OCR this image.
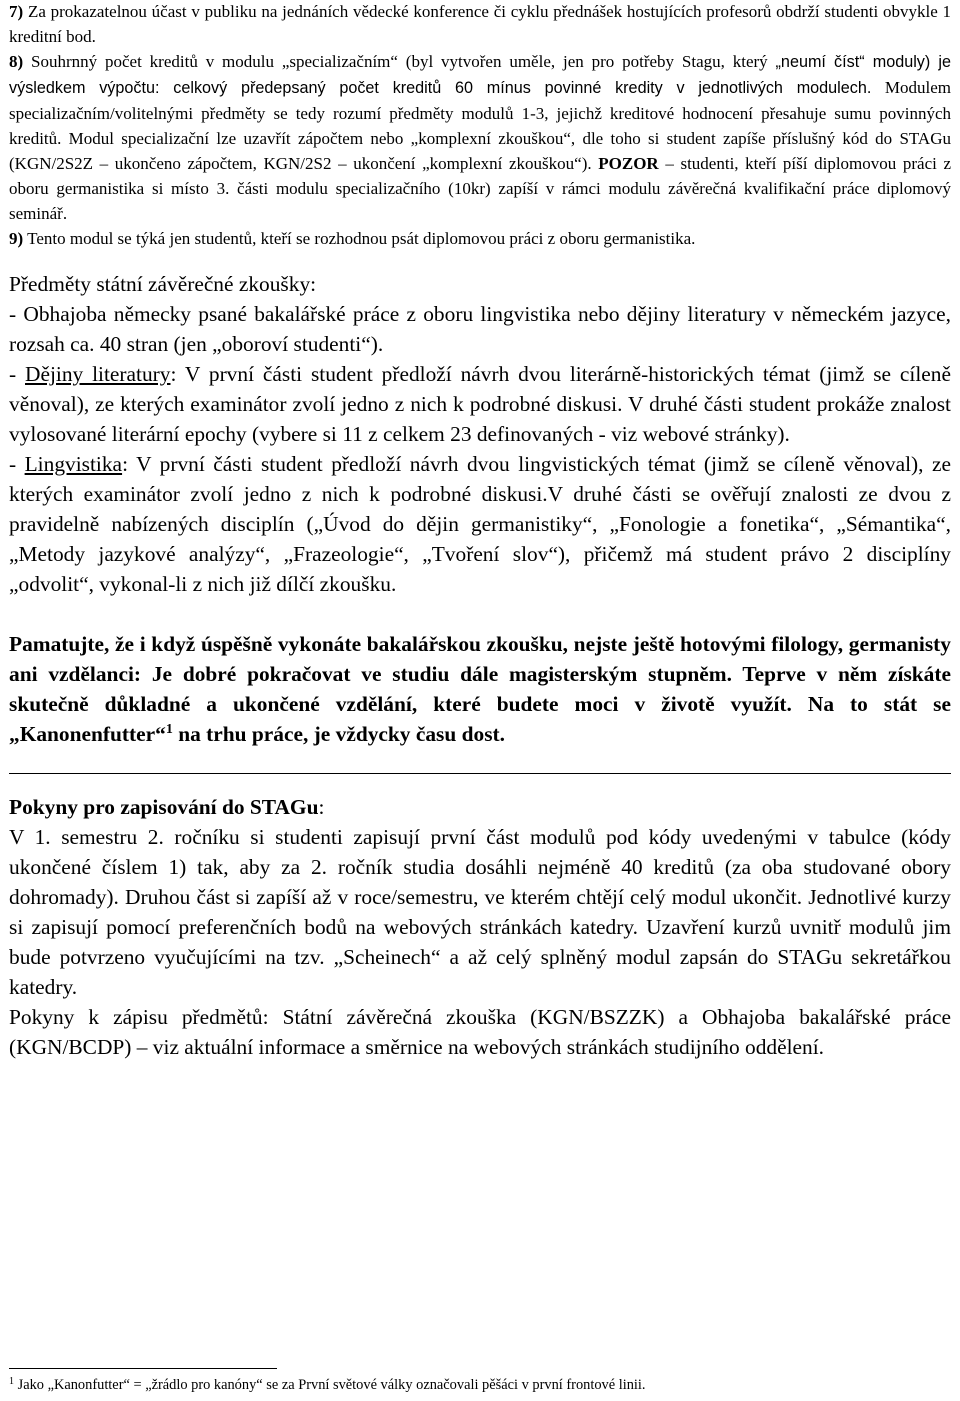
7) Za prokazatelnou účast v publiku na jednáních vědecké konference či cyklu přednášek hostujících profesorů obdrží studenti obvykle 1 kreditní bod.

8) Souhrnný počet kreditů v modulu „specializačním“ (byl vytvořen uměle, jen pro potřeby Stagu, který „neumí číst“ moduly) je výsledkem výpočtu: celkový předepsaný počet kreditů 60 mínus povinné kredity v jednotlivých modulech. Modulem specializačním/volitelnými předměty se tedy rozumí předměty modulů 1-3, jejichž kreditové hodnocení přesahuje sumu povinných kreditů. Modul specializační lze uzavřít zápočtem nebo „komplexní zkouškou“, dle toho si student zapíše příslušný kód do STAGu (KGN/2S2Z – ukončeno zápočtem, KGN/2S2 – ukončení „komplexní zkouškou“). POZOR – studenti, kteří píší diplomovou práci z oboru germanistika si místo 3. části modulu specializačního (10kr) zapíší v rámci modulu závěrečná kvalifikační práce diplomový seminář.

9) Tento modul se týká jen studentů, kteří se rozhodnou psát diplomovou práci z oboru germanistika.

Předměty státní závěrečné zkoušky:

- Obhajoba německy psané bakalářské práce z oboru lingvistika nebo dějiny literatury v německém jazyce, rozsah ca. 40 stran (jen „oboroví studenti“).

- Dějiny literatury: V první části student předloží návrh dvou literárně-historických témat (jimž se cíleně věnoval), ze kterých examinátor zvolí jedno z nich k podrobné diskusi. V druhé části student prokáže znalost vylosované literární epochy (vybere si 11 z celkem 23 definovaných - viz webové stránky).

- Lingvistika: V první části student předloží návrh dvou lingvistických témat (jimž se cíleně věnoval), ze kterých examinátor zvolí jedno z nich k podrobné diskusi.V druhé části se ověřují znalosti ze dvou z pravidelně nabízených disciplín („Úvod do dějin germanistiky“, „Fonologie a fonetika“, „Sémantika“, „Metody jazykové analýzy“, „Frazeologie“, „Tvoření slov“), přičemž má student právo 2 disciplíny „odvolit“, vykonal-li z nich již dílčí zkoušku.

Pamatujte, že i když úspěšně vykonáte bakalářskou zkoušku, nejste ještě hotovými filology, germanisty ani vzdělanci: Je dobré pokračovat ve studiu dále magisterským stupněm. Teprve v něm získáte skutečně důkladné a ukončené vzdělání, které budete moci v životě využít. Na to stát se „Kanonenfutter“$^1$ na trhu práce, je vždycky času dost.

Pokyny pro zapisování do STAGu:

V 1. semestru 2. ročníku si studenti zapisují první část modulů pod kódy uvedenými v tabulce (kódy ukončené číslem 1) tak, aby za 2. ročník studia dosáhli nejméně 40 kreditů (za oba studované obory dohromady). Druhou část si zapíší až v roce/semestru, ve kterém chtějí celý modul ukončit. Jednotlivé kurzy si zapisují pomocí preferenčních bodů na webových stránkách katedry. Uzavření kurzů uvnitř modulů jim bude potvrzeno vyučujícími na tzv. „Scheinech“ a až celý splněný modul zapsán do STAGu sekretářkou katedry.

Pokyny k zápisu předmětů: Státní závěrečná zkouška (KGN/BSZZK) a Obhajoba bakalářské práce (KGN/BCDP) – viz aktuální informace a směrnice na webových stránkách studijního oddělení.

$^1$ Jako „Kanonfutter“ = „žrádlo pro kanóny“ se za První světové války označovali pěšáci v první frontové linii.
